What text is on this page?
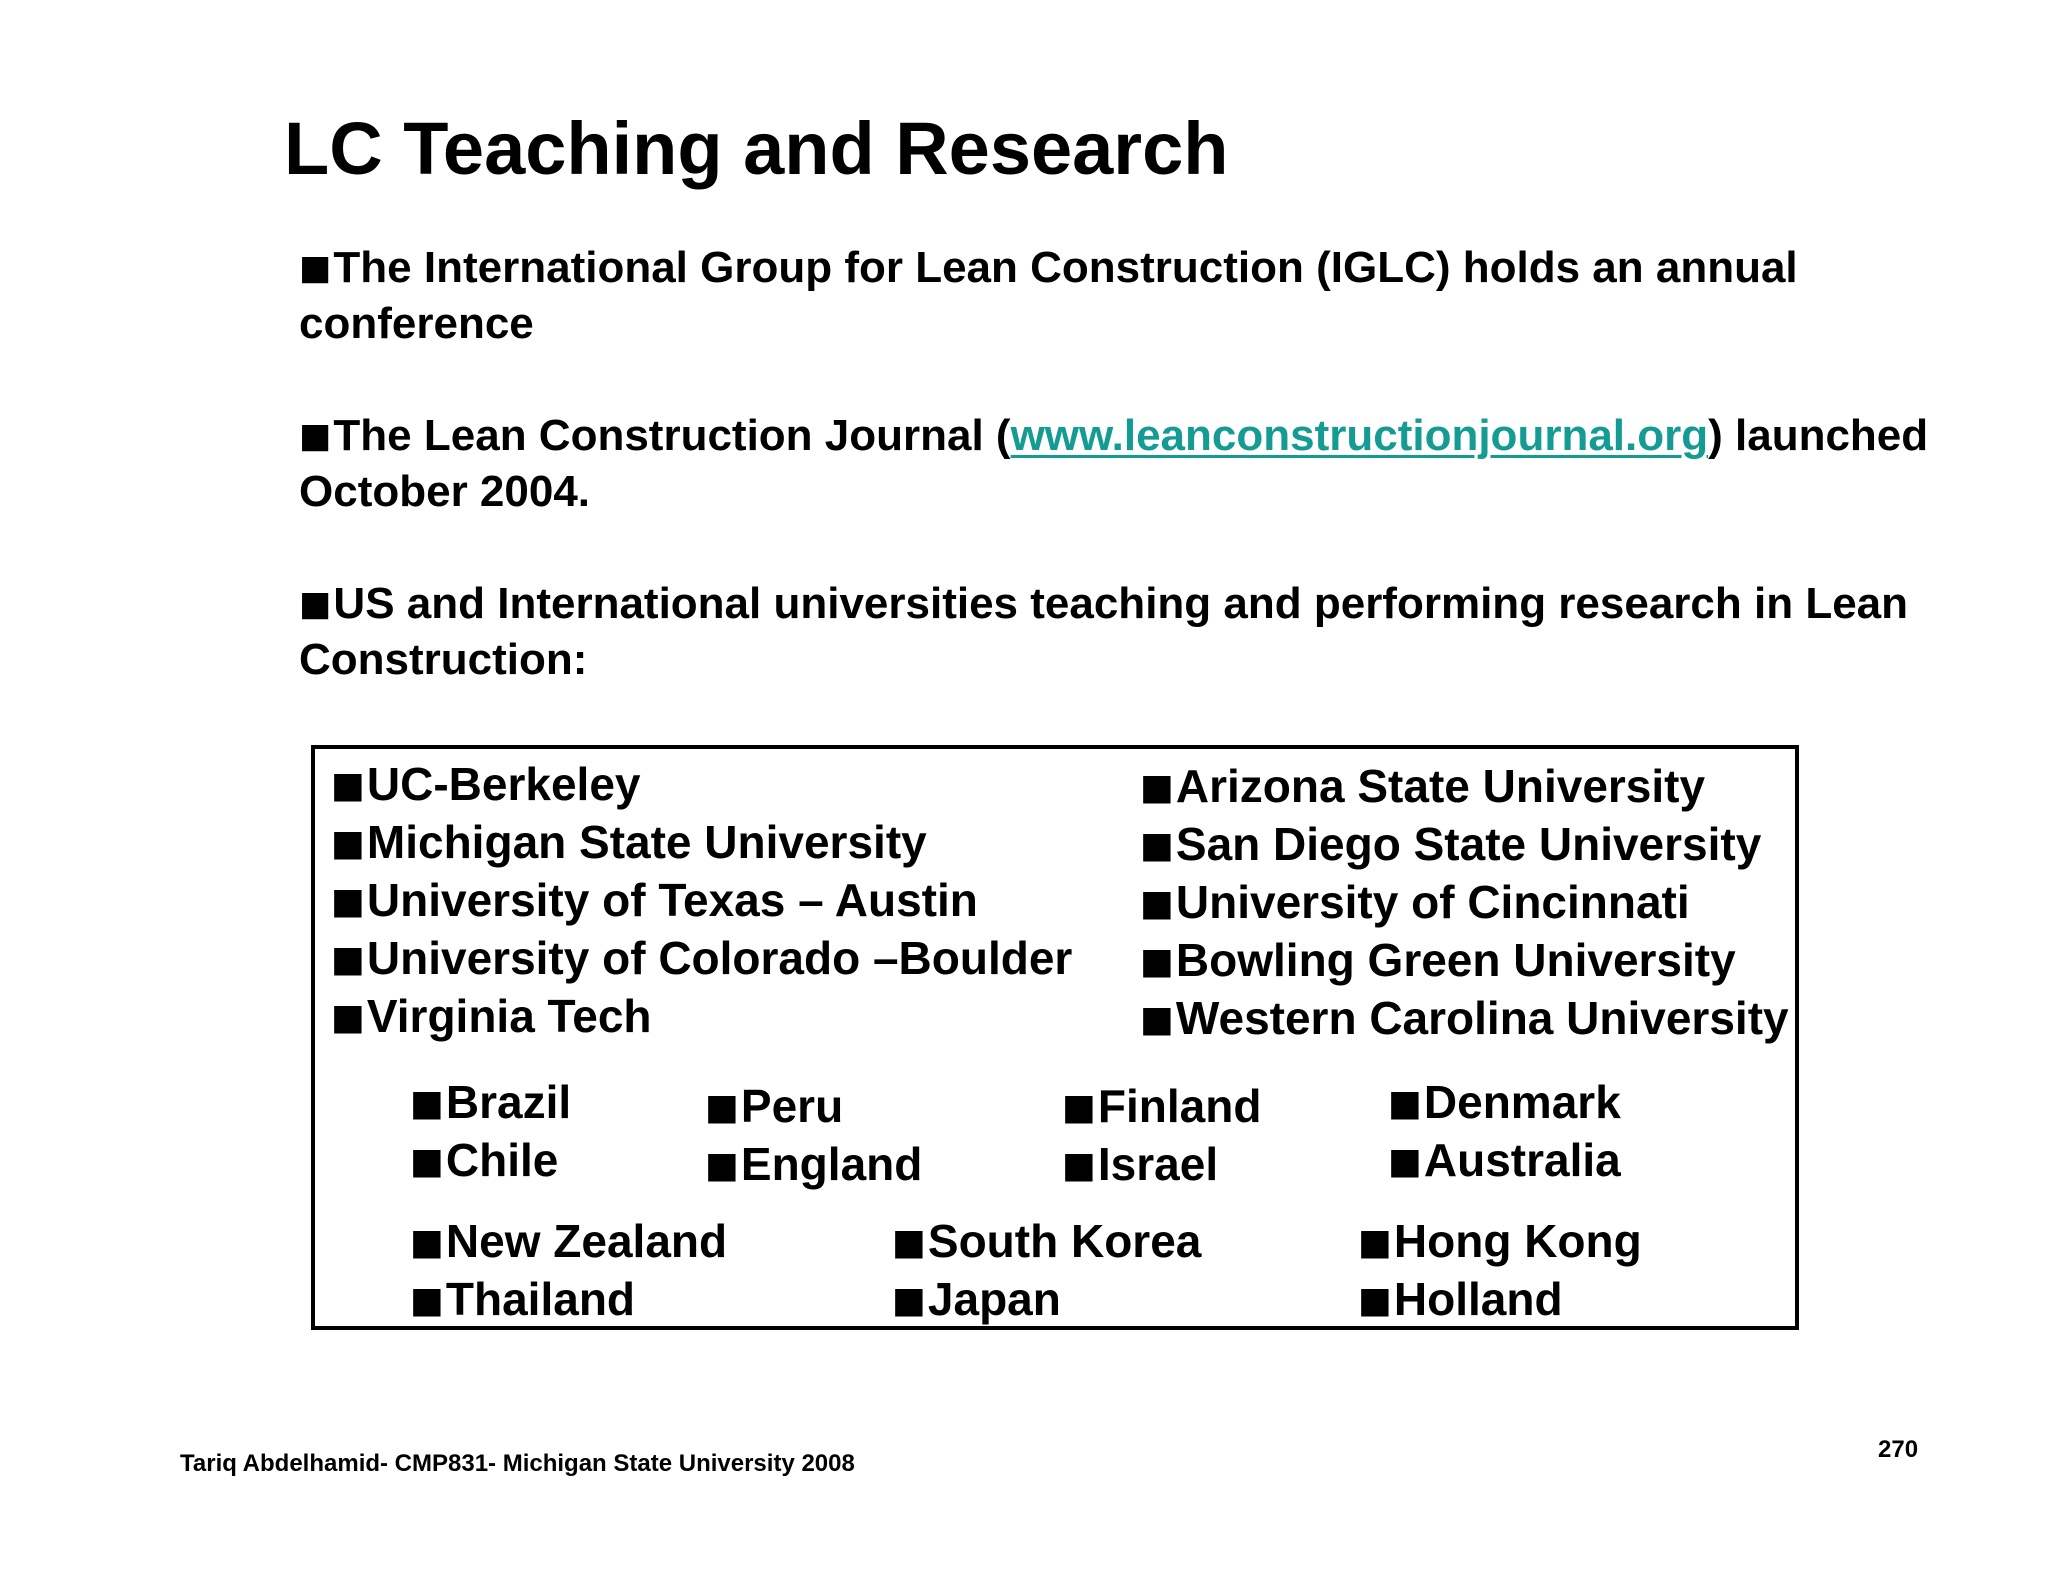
LC Teaching and Research
■The International Group for Lean Construction (IGLC) holds an annual conference
■The Lean Construction Journal (www.leanconstructionjournal.org) launched October 2004.
■US and International universities teaching and performing research in Lean Construction:
■UC-Berkeley
■Michigan State University
■University of Texas – Austin
■University of Colorado –Boulder
■Virginia Tech
■Arizona State University
■San Diego State University
■University of Cincinnati
■Bowling Green University
■Western Carolina University
■Brazil
■Chile
■Peru
■England
■Finland
■Israel
■Denmark
■Australia
■New Zealand
■Thailand
■South Korea
■Japan
■Hong Kong
■Holland
Tariq Abdelhamid- CMP831- Michigan State University 2008
270
